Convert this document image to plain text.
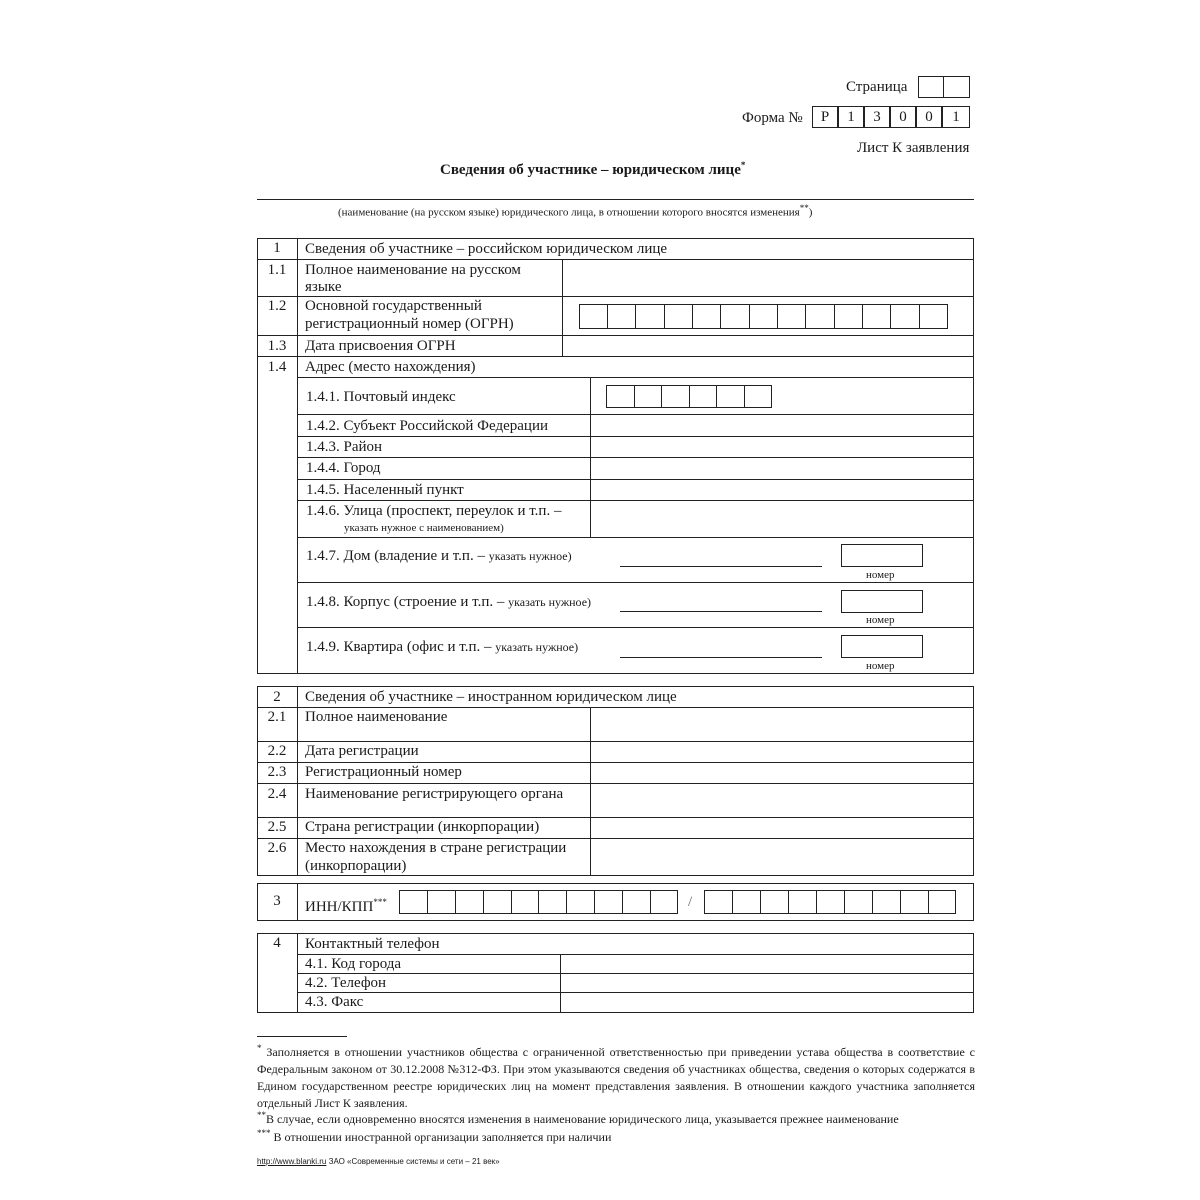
Страница
Форма №	Р	1	3	0	0	1
Лист К заявления
Сведения об участнике – юридическом лице*
(наименование (на русском языке) юридического лица, в отношении которого вносятся изменения**)
1	Сведения об участнике – российском юридическом лице
1.1	Полное наименование на русском
языке
1.2	Основной государственный
регистрационный номер (ОГРН)
1.3	Дата присвоения ОГРН
1.4	Адрес (место нахождения)
1.4.1. Почтовый индекс
1.4.2. Субъект Российской Федерации
1.4.3. Район
1.4.4. Город
1.4.5. Населенный пункт
1.4.6. Улица (проспект, переулок и т.п. –
указать нужное с наименованием)
1.4.7. Дом (владение и т.п. – указать нужное)
номер
1.4.8. Корпус (строение и т.п. – указать нужное)
номер
1.4.9. Квартира (офис и т.п. – указать нужное)
номер
2	Сведения об участнике – иностранном юридическом лице
2.1	Полное наименование
2.2	Дата регистрации
2.3	Регистрационный номер
2.4	Наименование регистрирующего органа
2.5	Страна регистрации (инкорпорации)
2.6	Место нахождения в стране регистрации
(инкорпорации)
3	ИНН/КПП***	/
4	Контактный телефон
4.1. Код города
4.2. Телефон
4.3. Факс
* Заполняется в отношении участников общества с ограниченной ответственностью при приведении устава общества в соответствие с Федеральным законом от 30.12.2008 №312-ФЗ. При этом указываются сведения об участниках общества, сведения о которых содержатся в Едином государственном реестре юридических лиц на момент представления заявления. В отношении каждого участника заполняется отдельный Лист К заявления.
**В случае, если одновременно вносятся изменения в наименование юридического лица, указывается прежнее наименование
*** В отношении иностранной организации заполняется при наличии
http://www.blanki.ru ЗАО «Современные системы и сети – 21 век»
